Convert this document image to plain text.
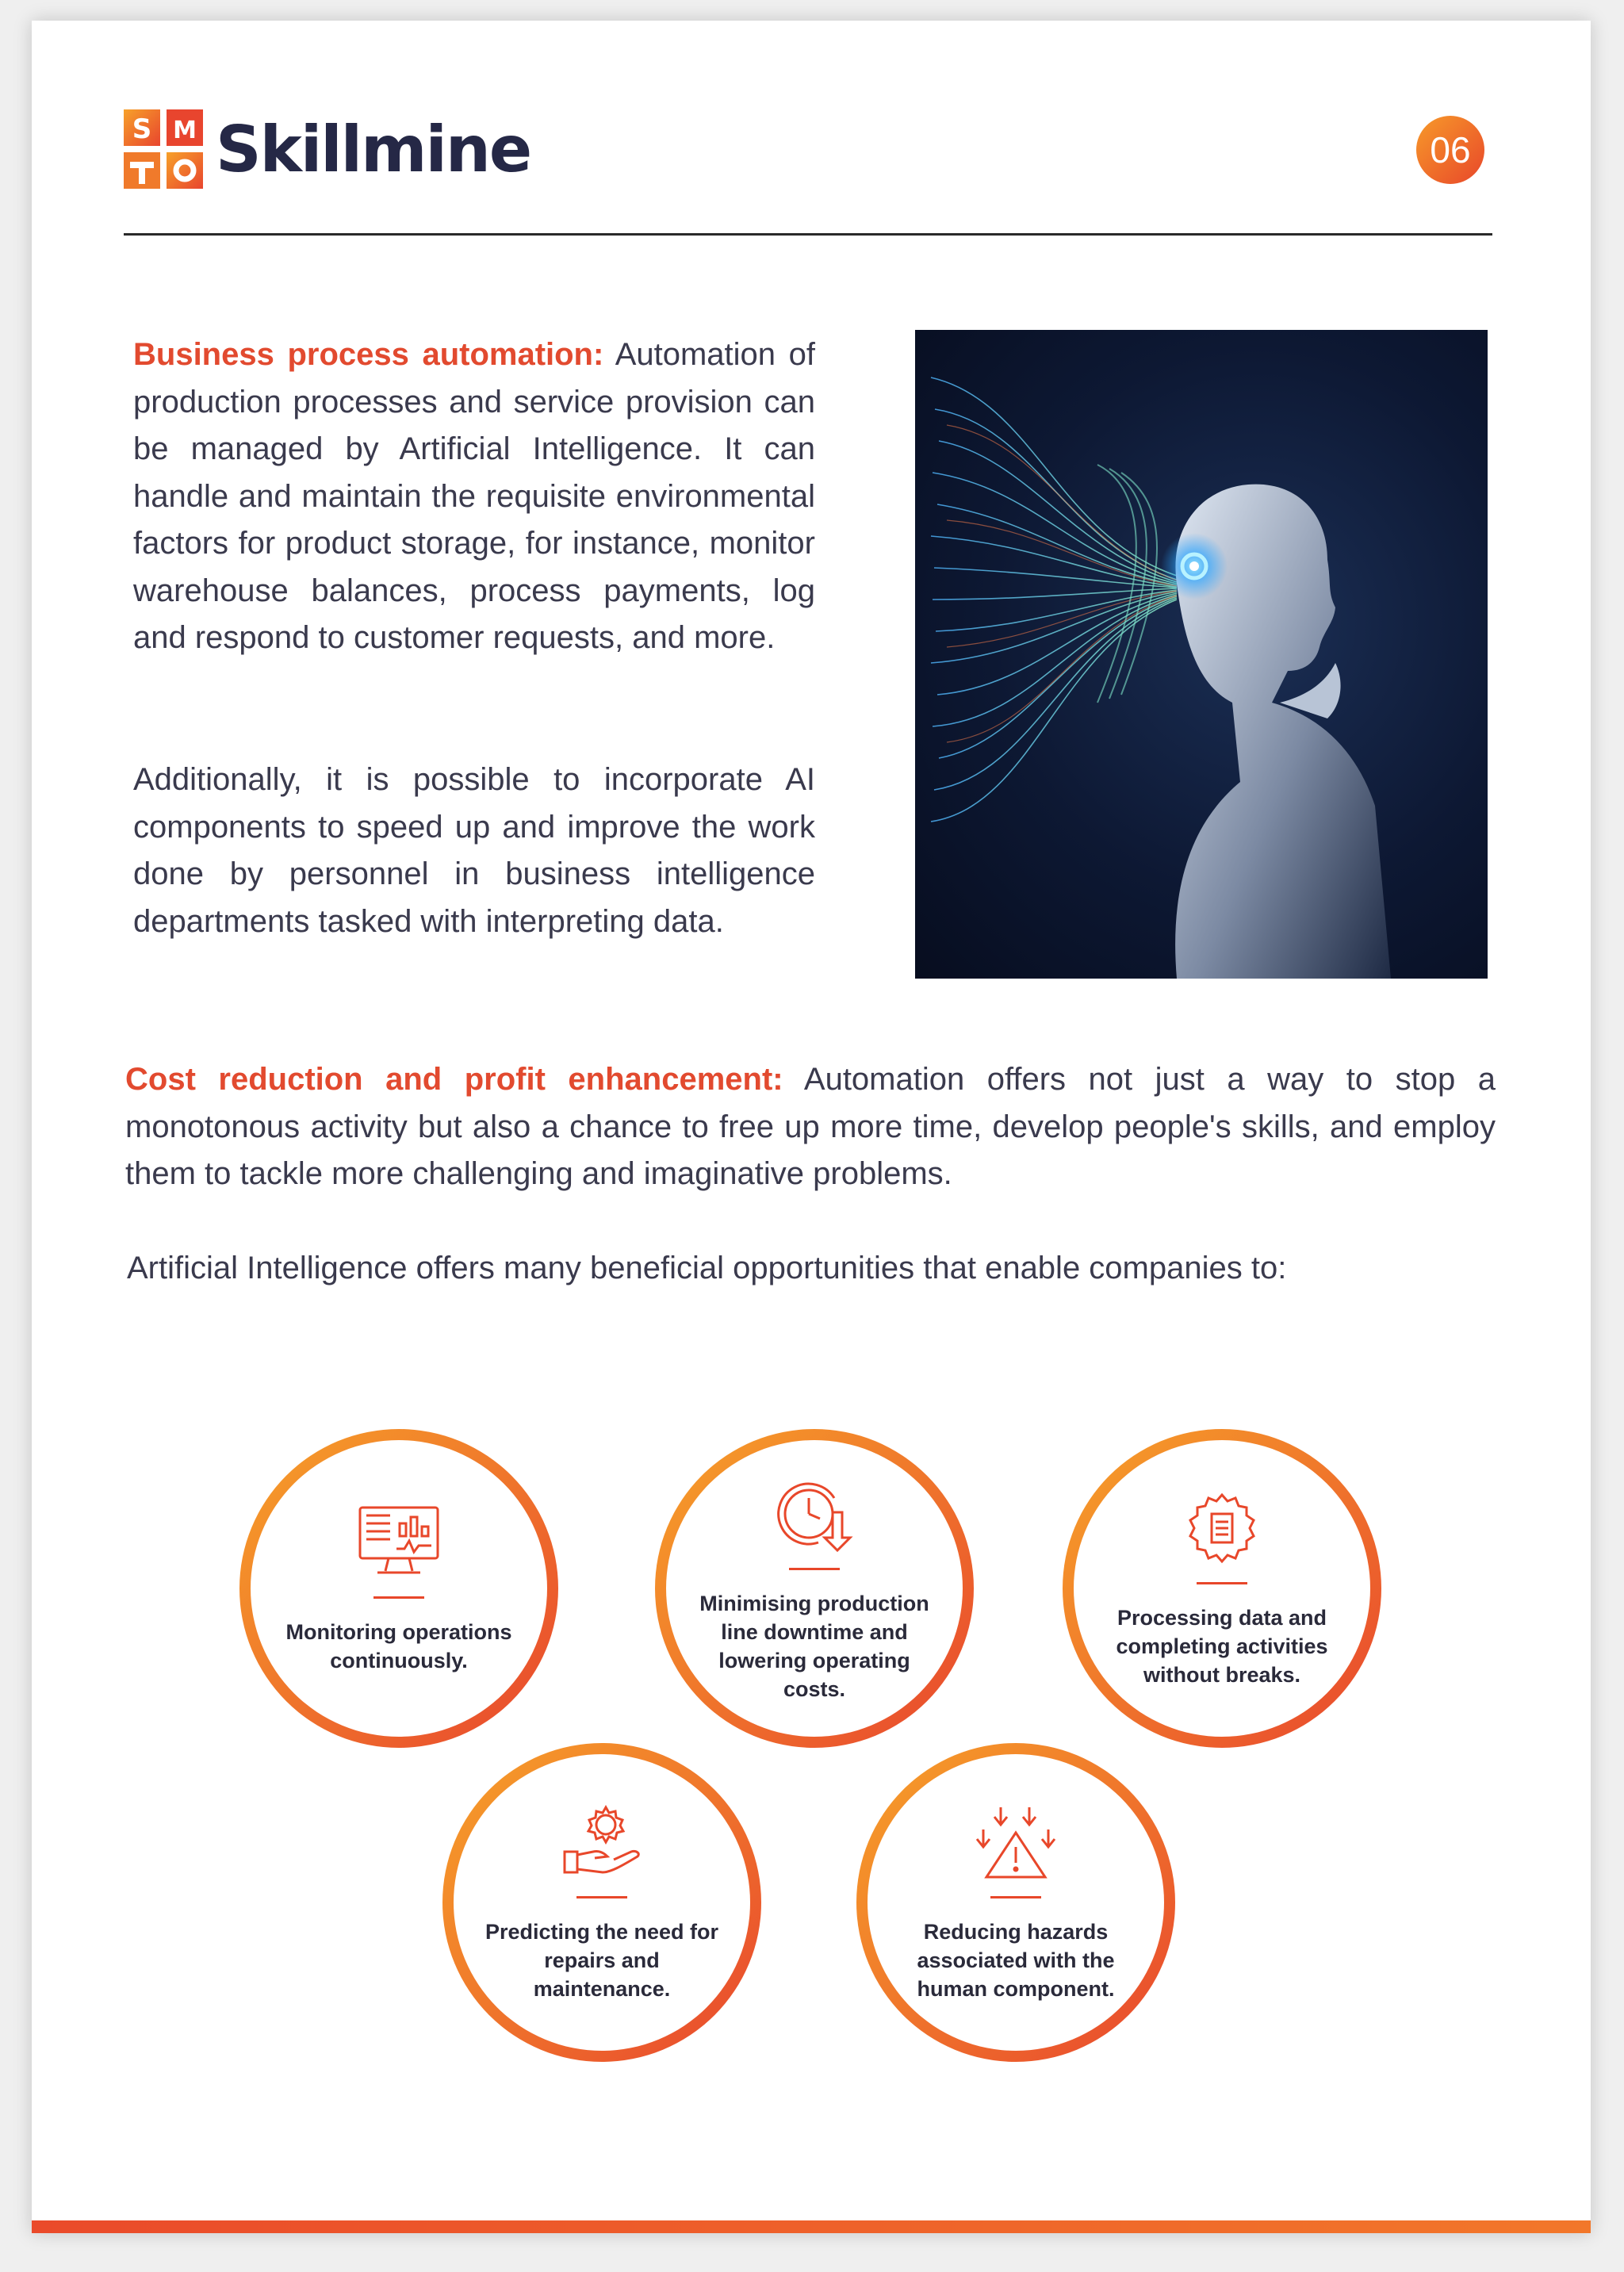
S M Skillmine	06

Business process automation: Automation of production processes and service provision can be managed by Artificial Intelligence. It can handle and maintain the requisite environmental factors for product storage, for instance, monitor warehouse balances, process payments, log and respond to customer requests, and more.

Additionally, it is possible to incorporate AI components to speed up and improve the work done by personnel in business intelligence departments tasked with interpreting data.

Cost reduction and profit enhancement: Automation offers not just a way to stop a monotonous activity but also a chance to free up more time, develop people's skills, and employ them to tackle more challenging and imaginative problems.

Artificial Intelligence offers many beneficial opportunities that enable companies to:

Monitoring operations continuously.
Minimising production line downtime and lowering operating costs.
Processing data and completing activities without breaks.
Predicting the need for repairs and maintenance.
Reducing hazards associated with the human component.
